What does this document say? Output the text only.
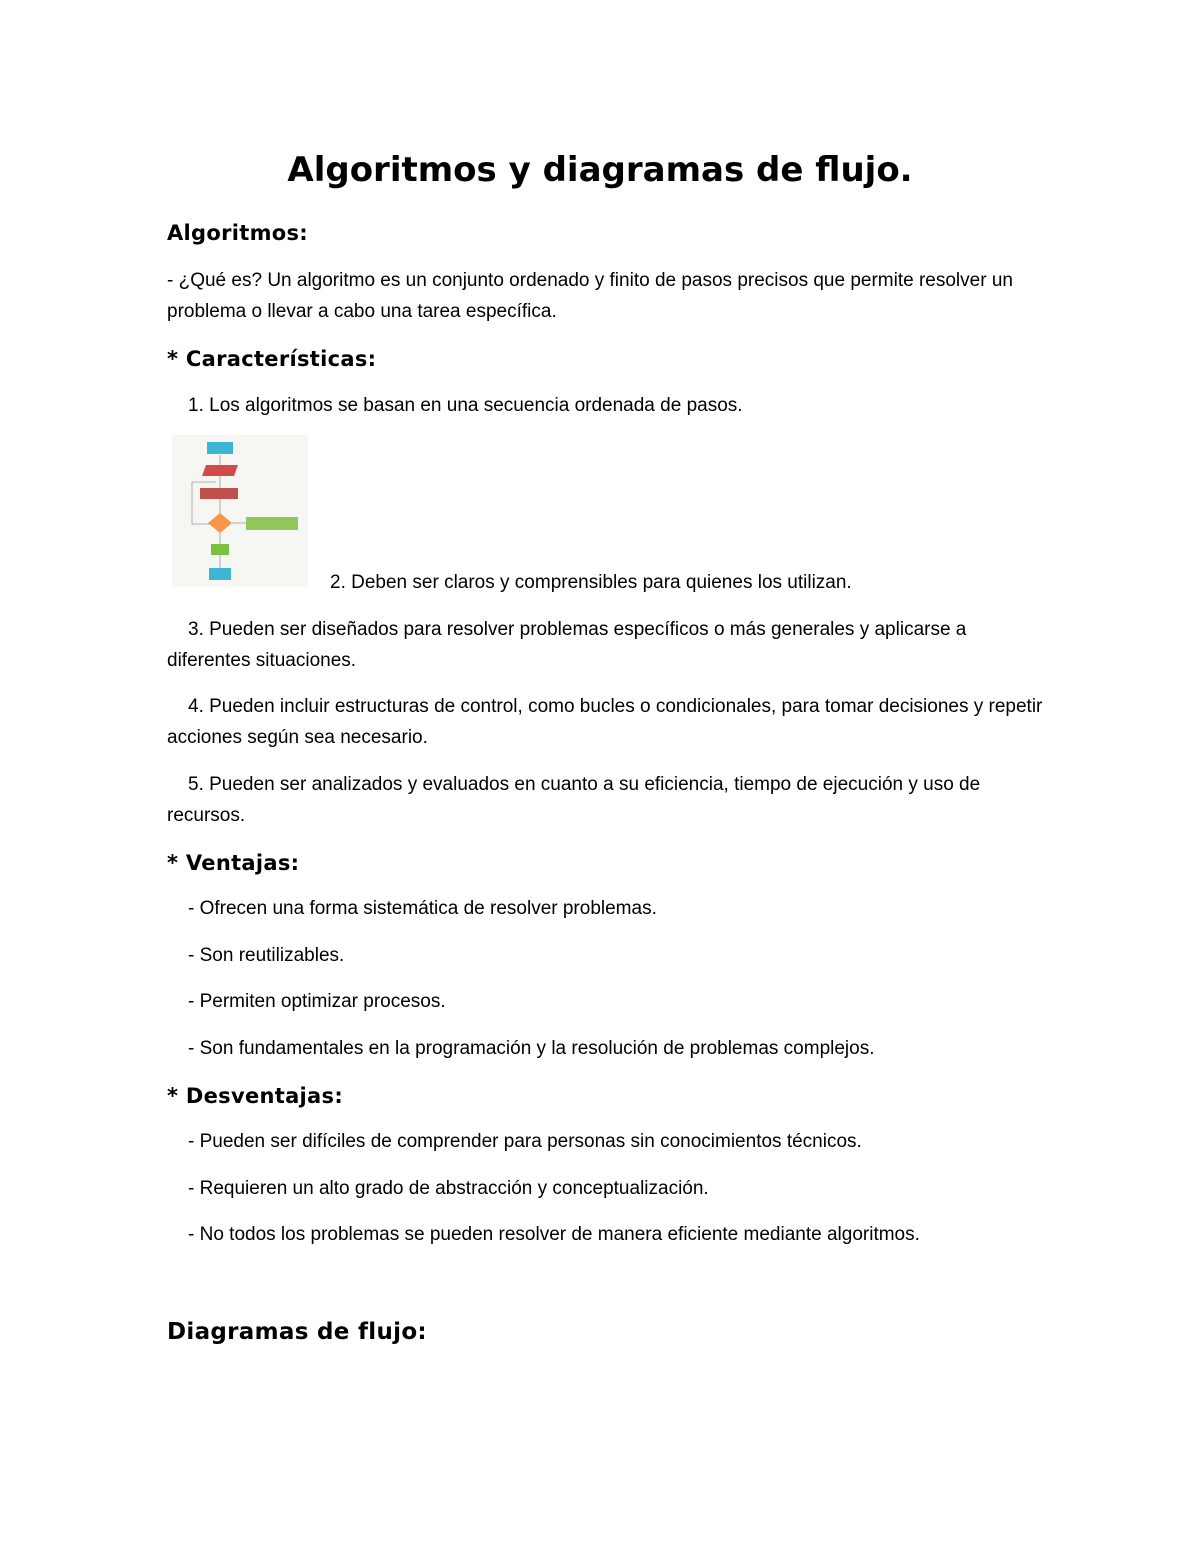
Algoritmos y diagramas de flujo.
Algoritmos:

- ¿Qué es? Un algoritmo es un conjunto ordenado y finito de pasos precisos que permite resolver un problema o llevar a cabo una tarea específica.

* Características:

1. Los algoritmos se basan en una secuencia ordenada de pasos.

2. Deben ser claros y comprensibles para quienes los utilizan.

3. Pueden ser diseñados para resolver problemas específicos o más generales y aplicarse a diferentes situaciones.

4. Pueden incluir estructuras de control, como bucles o condicionales, para tomar decisiones y repetir acciones según sea necesario.

5. Pueden ser analizados y evaluados en cuanto a su eficiencia, tiempo de ejecución y uso de recursos.

* Ventajas:

- Ofrecen una forma sistemática de resolver problemas.

- Son reutilizables.

- Permiten optimizar procesos.

- Son fundamentales en la programación y la resolución de problemas complejos.

* Desventajas:

- Pueden ser difíciles de comprender para personas sin conocimientos técnicos.

- Requieren un alto grado de abstracción y conceptualización.

- No todos los problemas se pueden resolver de manera eficiente mediante algoritmos.

Diagramas de flujo:
